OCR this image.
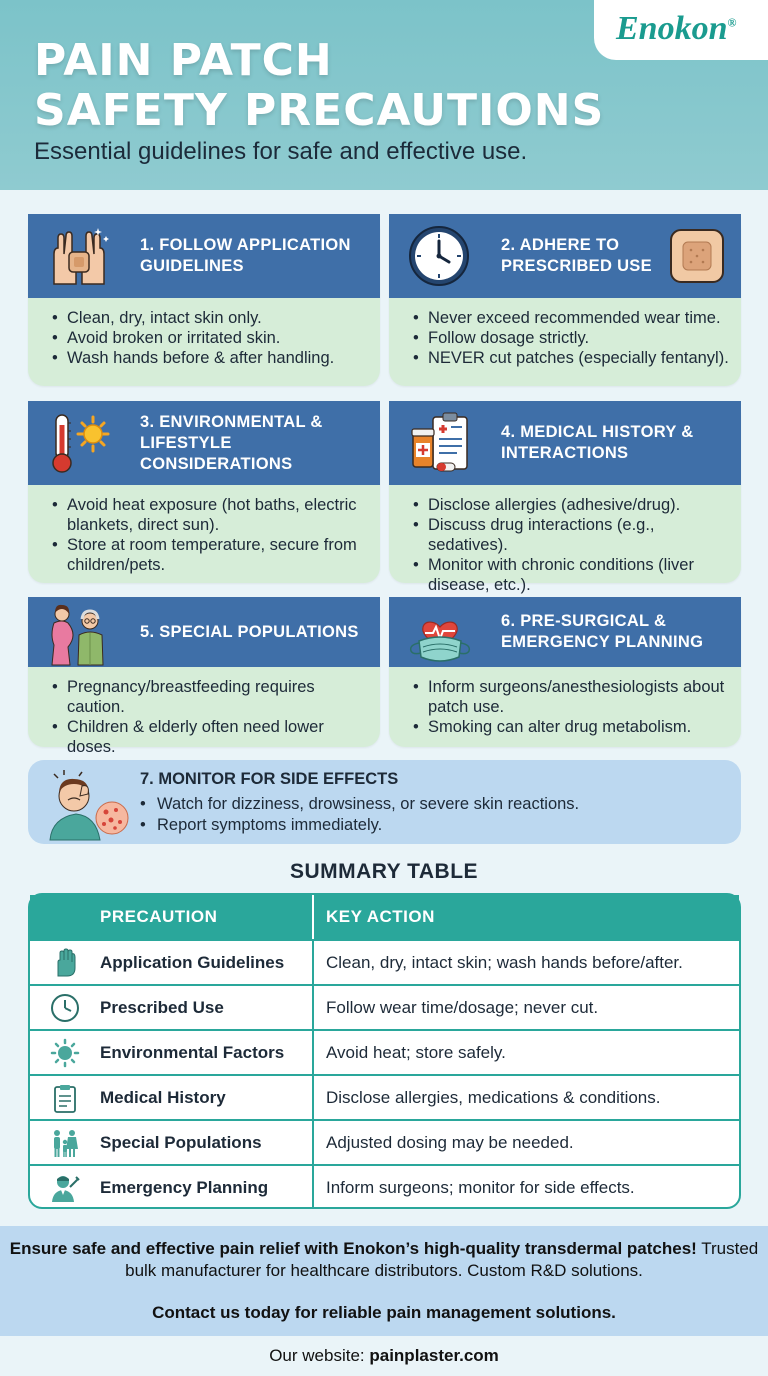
PAIN PATCH
SAFETY PRECAUTIONS
Essential guidelines for safe and effective use.
Enokon®
1. FOLLOW APPLICATION GUIDELINES
• Clean, dry, intact skin only.
• Avoid broken or irritated skin.
• Wash hands before & after handling.
2. ADHERE TO PRESCRIBED USE
• Never exceed recommended wear time.
• Follow dosage strictly.
• NEVER cut patches (especially fentanyl).
3. ENVIRONMENTAL & LIFESTYLE CONSIDERATIONS
• Avoid heat exposure (hot baths, electric blankets, direct sun).
• Store at room temperature, secure from children/pets.
4. MEDICAL HISTORY & INTERACTIONS
• Disclose allergies (adhesive/drug).
• Discuss drug interactions (e.g., sedatives).
• Monitor with chronic conditions (liver disease, etc.).
5. SPECIAL POPULATIONS
• Pregnancy/breastfeeding requires caution.
• Children & elderly often need lower doses.
6. PRE-SURGICAL & EMERGENCY PLANNING
• Inform surgeons/anesthesiologists about patch use.
• Smoking can alter drug metabolism.
7. MONITOR FOR SIDE EFFECTS
• Watch for dizziness, drowsiness, or severe skin reactions.
• Report symptoms immediately.
SUMMARY TABLE
PRECAUTION	KEY ACTION
Application Guidelines	Clean, dry, intact skin; wash hands before/after.
Prescribed Use	Follow wear time/dosage; never cut.
Environmental Factors	Avoid heat; store safely.
Medical History	Disclose allergies, medications & conditions.
Special Populations	Adjusted dosing may be needed.
Emergency Planning	Inform surgeons; monitor for side effects.
Ensure safe and effective pain relief with Enokon’s high-quality transdermal patches! Trusted bulk manufacturer for healthcare distributors. Custom R&D solutions.
Contact us today for reliable pain management solutions.
Our website: painplaster.com
